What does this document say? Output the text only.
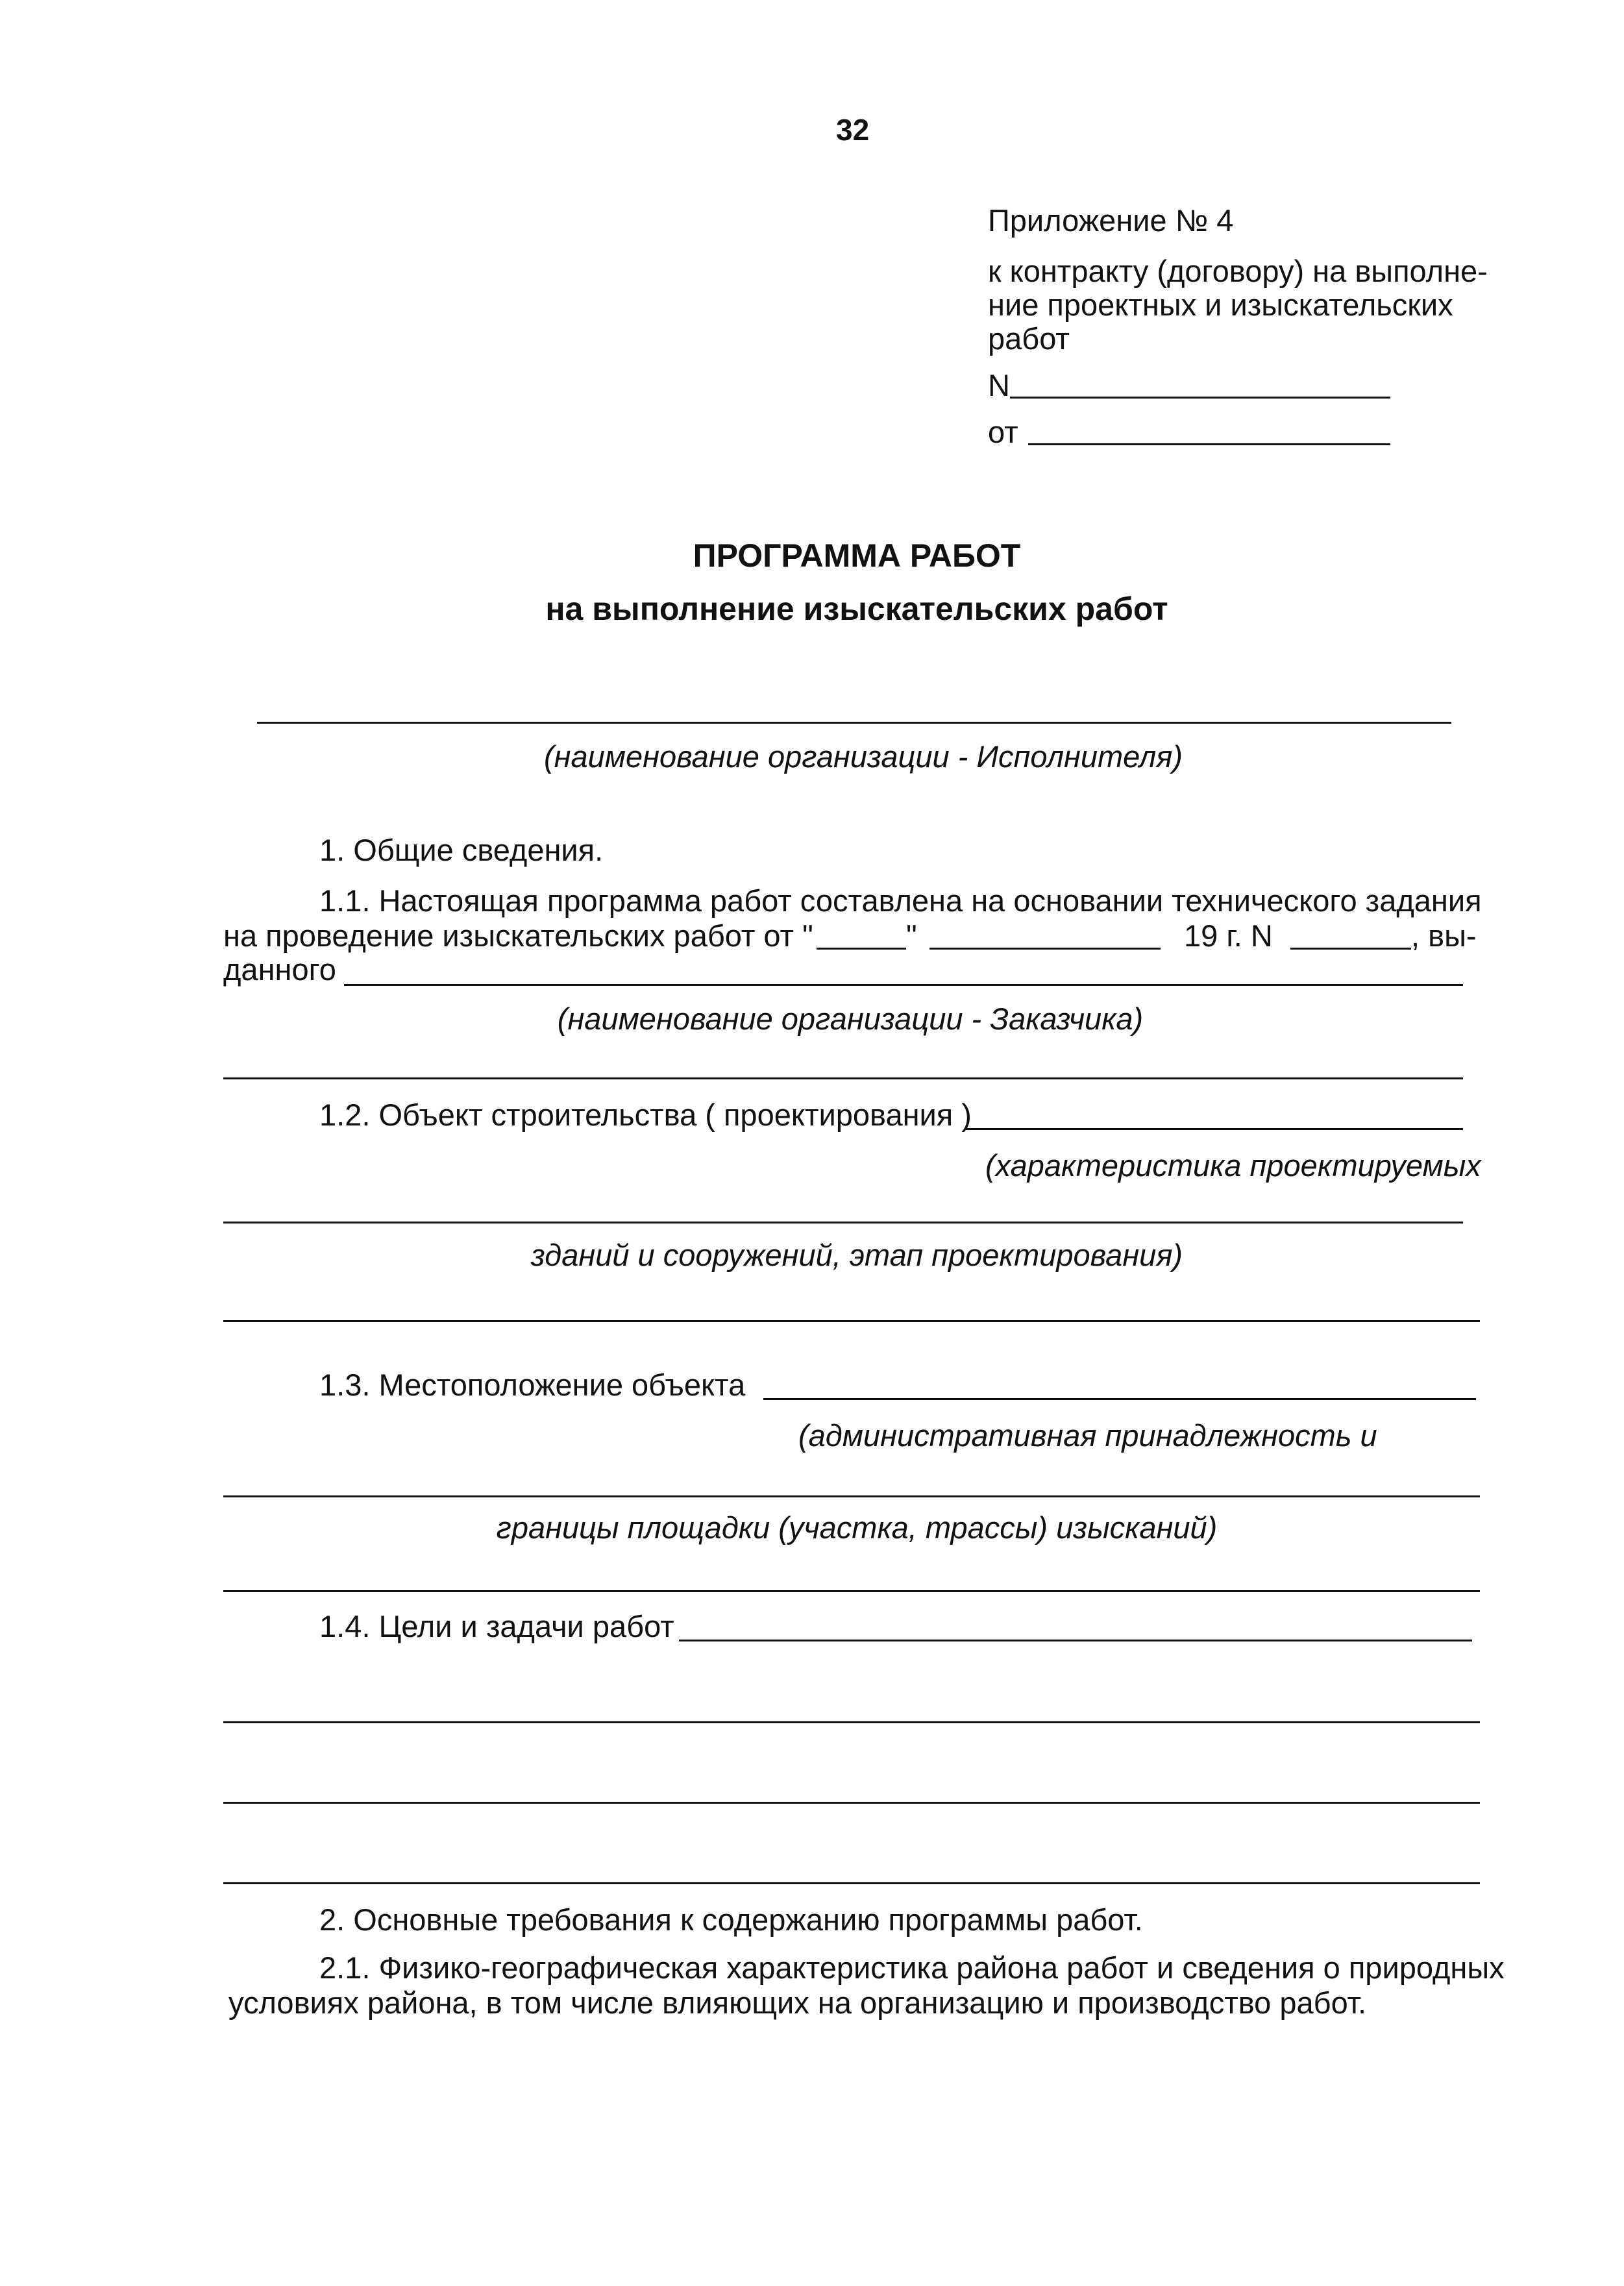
32
Приложение № 4
к контракту (договору) на выполне-
ние проектных и изыскательских
работ
N
от
ПРОГРАММА РАБОТ
на выполнение изыскательских работ
(наименование организации - Исполнителя)
1. Общие сведения.
1.1. Настоящая программа работ составлена на основании технического задания
на проведение изыскательских работ от "	"	19 г. N	, вы-
данного
(наименование организации - Заказчика)
1.2. Объект строительства ( проектирования )
(характеристика проектируемых
зданий и сооружений, этап проектирования)
1.3. Местоположение объекта
(административная принадлежность и
границы площадки (участка, трассы) изысканий)
1.4. Цели и задачи работ
2. Основные требования к содержанию программы работ.
2.1. Физико-географическая характеристика района работ и сведения о природных
условиях района, в том числе влияющих на организацию и производство работ.
